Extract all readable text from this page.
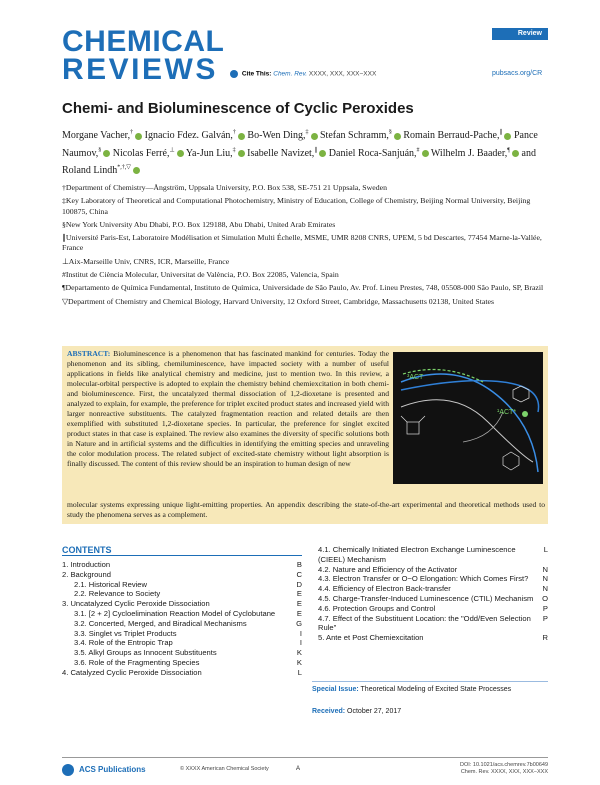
CHEMICAL
REVIEWS
Review
Cite This: Chem. Rev. XXXX, XXX, XXX−XXX	pubsacs.org/CR
Chemi- and Bioluminescence of Cyclic Peroxides
Morgane Vacher,† Ignacio Fdez. Galván,† Bo-Wen Ding,‡ Stefan Schramm,§ Romain Berraud-Pache,∥ Pance Naumov,§ Nicolas Ferré,⊥ Ya-Jun Liu,‡ Isabelle Navizet,∥ Daniel Roca-Sanjuán,# Wilhelm J. Baader,¶ and Roland Lindh*,†,▽
†Department of Chemistry—Ångström, Uppsala University, P.O. Box 538, SE-751 21 Uppsala, Sweden
‡Key Laboratory of Theoretical and Computational Photochemistry, Ministry of Education, College of Chemistry, Beijing Normal University, Beijing 100875, China
§New York University Abu Dhabi, P.O. Box 129188, Abu Dhabi, United Arab Emirates
∥Université Paris-Est, Laboratoire Modélisation et Simulation Multi Échelle, MSME, UMR 8208 CNRS, UPEM, 5 bd Descartes, 77454 Marne-la-Vallée, France
⊥Aix-Marseille Univ, CNRS, ICR, Marseille, France
#Institut de Ciència Molecular, Universitat de València, P.O. Box 22085, Valencia, Spain
¶Departamento de Química Fundamental, Instituto de Química, Universidade de São Paulo, Av. Prof. Lineu Prestes, 748, 05508-000 São Paulo, SP, Brazil
▽Department of Chemistry and Chemical Biology, Harvard University, 12 Oxford Street, Cambridge, Massachusetts 02138, United States
ABSTRACT: Bioluminescence is a phenomenon that has fascinated mankind for centuries. Today the phenomenon and its sibling, chemiluminescence, have impacted society with a number of useful applications in fields like analytical chemistry and medicine, just to mention two. In this review, a molecular-orbital perspective is adopted to explain the chemistry behind chemiexcitation in both chemi- and bioluminescence. First, the uncatalyzed thermal dissociation of 1,2-dioxetane is presented and analyzed to explain, for example, the preference for triplet excited product states and increased yield with larger nonreactive substituents. The catalyzed fragmentation reaction and related details are then exemplified with substituted 1,2-dioxetane species. In particular, the preference for singlet excited product states in that case is explained. The review also examines the diversity of specific solutions both in Nature and in artificial systems and the difficulties in identifying the emitting species and unraveling the color modulation process. The related subject of excited-state chemistry without light absorption is finally discussed. The content of this review should be an inspiration to human design of new
molecular systems expressing unique light-emitting properties. An appendix describing the state-of-the-art experimental and theoretical methods used to study the phenomena serves as a complement.
³ACT
¹ACT*
CONTENTS
1. Introduction	B
2. Background	C
2.1. Historical Review	D
2.2. Relevance to Society	E
3. Uncatalyzed Cyclic Peroxide Dissociation	E
3.1. [2 + 2] Cycloelimination Reaction Model of Cyclobutane	E
3.2. Concerted, Merged, and Biradical Mechanisms	G
3.3. Singlet vs Triplet Products	I
3.4. Role of the Entropic Trap	I
3.5. Alkyl Groups as Innocent Substituents	K
3.6. Role of the Fragmenting Species	K
4. Catalyzed Cyclic Peroxide Dissociation	L
4.1. Chemically Initiated Electron Exchange Luminescence (CIEEL) Mechanism
L
4.2. Nature and Efficiency of the Activator	N
4.3. Electron Transfer or O−O Elongation: Which Comes First? N
4.4. Efficiency of Electron Back-transfer	N
4.5. Charge-Transfer-Induced Luminescence (CTIL) Mechanism O
4.6. Protection Groups and Control	P
4.7. Effect of the Substituent Location: the "Odd/Even Selection Rule"
P
5. Ante et Post Chemiexcitation	R
Special Issue: Theoretical Modeling of Excited State Processes
Received: October 27, 2017
ACS Publications	© XXXX American Chemical Society	A
DOI: 10.1021/acs.chemrev.7b00649
Chem. Rev. XXXX, XXX, XXX−XXX
